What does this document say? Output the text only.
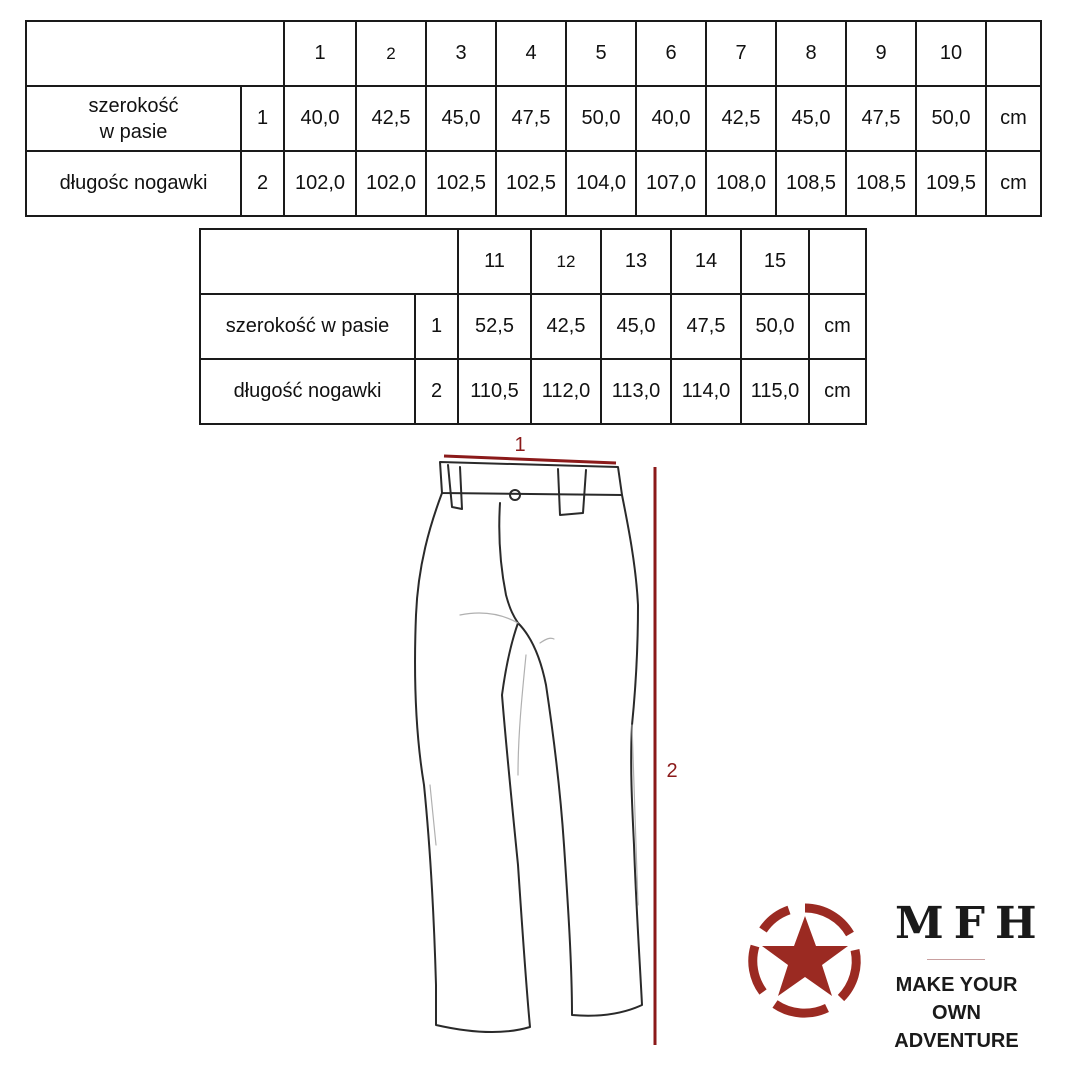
		1	2	3	4	5	6	7	8	9	10	

szerokość
w pasie	1	40,0	42,5	45,0	47,5	50,0	40,0	42,5	45,0	47,5	50,0	cm
długośc nogawki	2	102,0	102,0	102,5	102,5	104,0	107,0	108,0	108,5	108,5	109,5	cm
		11	12	13	14	15	
szerokość w pasie	1	52,5	42,5	45,0	47,5	50,0	cm
długość nogawki	2	110,5	112,0	113,0	114,0	115,0	cm
1
2
MFH
MAKE YOUR OWN
ADVENTURE
